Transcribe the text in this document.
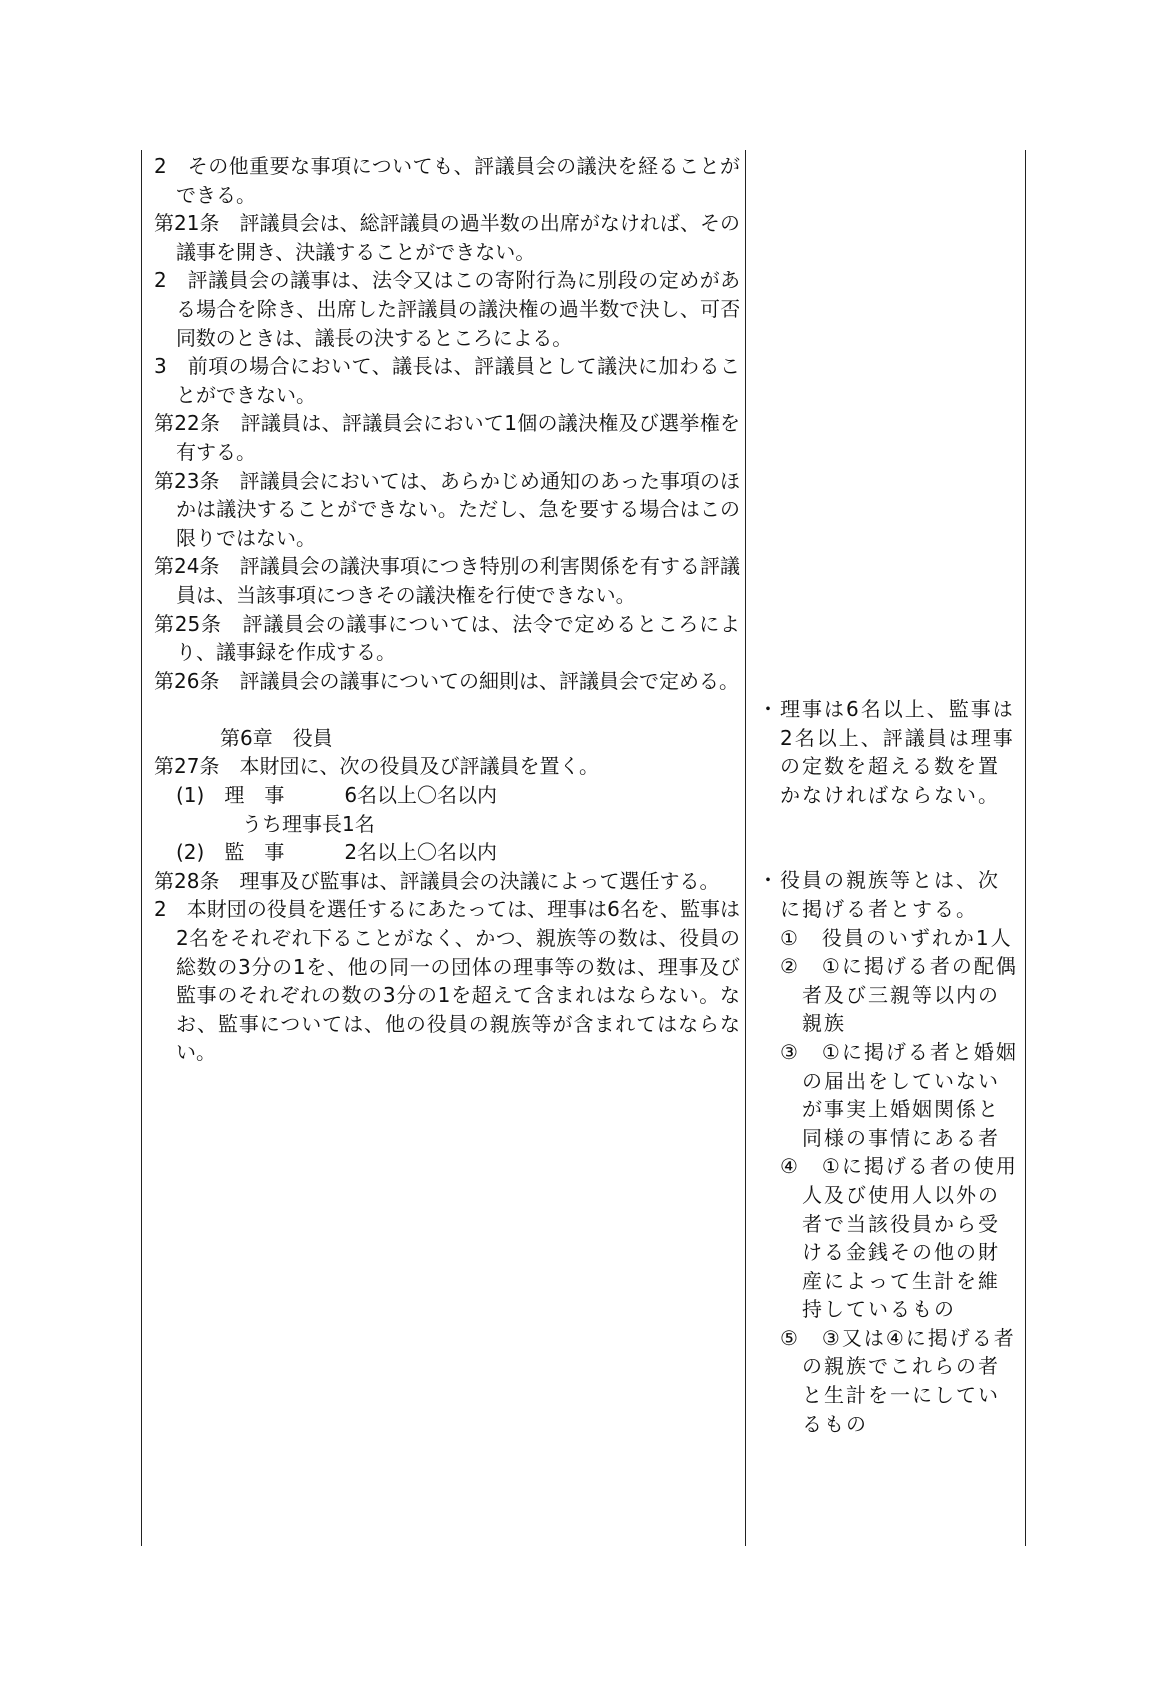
2　その他重要な事項についても、評議員会の議決を経ることができる。

第21条　評議員会は、総評議員の過半数の出席がなければ、その議事を開き、決議することができない。

2　評議員会の議事は、法令又はこの寄附行為に別段の定めがある場合を除き、出席した評議員の議決権の過半数で決し、可否同数のときは、議長の決するところによる。

3　前項の場合において、議長は、評議員として議決に加わることができない。

第22条　評議員は、評議員会において1個の議決権及び選挙権を有する。

第23条　評議員会においては、あらかじめ通知のあった事項のほかは議決することができない。ただし、急を要する場合はこの限りではない。

第24条　評議員会の議決事項につき特別の利害関係を有する評議員は、当該事項につきその議決権を行使できない。

第25条　評議員会の議事については、法令で定めるところにより、議事録を作成する。

第26条　評議員会の議事についての細則は、評議員会で定める。

第6章　役員

第27条　本財団に、次の役員及び評議員を置く。

(1)　理　事　　　6名以上〇名以内

うち理事長1名

(2)　監　事　　　2名以上〇名以内

第28条　理事及び監事は、評議員会の決議によって選任する。

2　本財団の役員を選任するにあたっては、理事は6名を、監事は2名をそれぞれ下ることがなく、かつ、親族等の数は、役員の総数の3分の1を、他の同一の団体の理事等の数は、理事及び監事のそれぞれの数の3分の1を超えて含まれはならない。なお、監事については、他の役員の親族等が含まれてはならない。

・理事は6名以上、監事は2名以上、評議員は理事の定数を超える数を置かなければならない。

・役員の親族等とは、次に掲げる者とする。

①　役員のいずれか1人

②　①に掲げる者の配偶者及び三親等以内の親族

③　①に掲げる者と婚姻の届出をしていないが事実上婚姻関係と同様の事情にある者

④　①に掲げる者の使用人及び使用人以外の者で当該役員から受ける金銭その他の財産によって生計を維持しているもの

⑤　③又は④に掲げる者の親族でこれらの者と生計を一にしているもの
